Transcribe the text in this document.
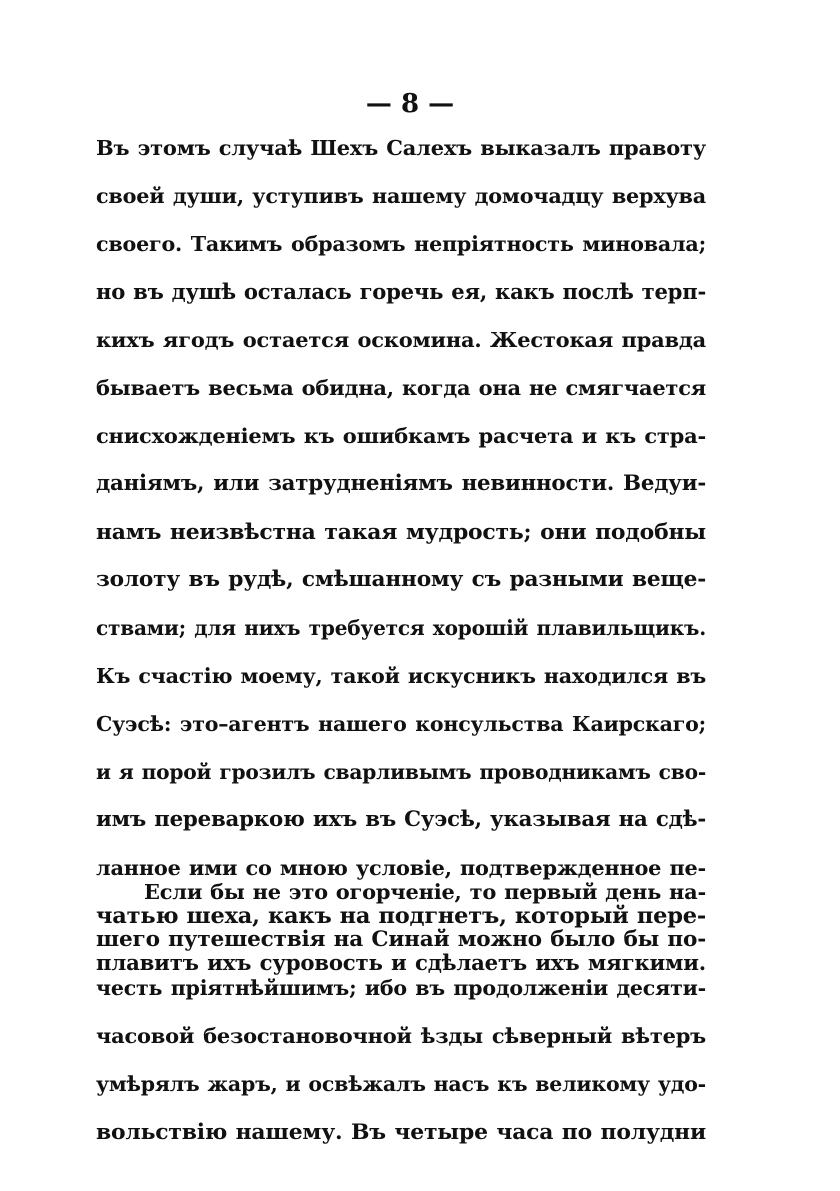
— 8 —
Въ этомъ случаѣ Шехъ Салехъ выказалъ правоту
своей души, уступивъ нашему домочадцу верхува
своего. Такимъ образомъ непріятность миновала;
но въ душѣ осталась горечь ея, какъ послѣ терп-
кихъ ягодъ остается оскомина. Жестокая правда
бываетъ весьма обидна, когда она не смягчается
снисхожденіемъ къ ошибкамъ расчета и къ стра-
даніямъ, или затрудненіямъ невинности. Ведуи-
намъ неизвѣстна такая мудрость; они подобны
золоту въ рудѣ, смѣшанному съ разными веще-
ствами; для нихъ требуется хорошій плавильщикъ.
Къ счастію моему, такой искусникъ находился въ
Суэсѣ: это–агентъ нашего консульства Каирскаго;
и я порой грозилъ сварливымъ проводникамъ сво-
имъ переваркою ихъ въ Суэсѣ, указывая на сдѣ-
ланное ими со мною условіе, подтвержденное пе-
чатью шеха, какъ на подгнетъ, который пере-
плавитъ ихъ суровость и сдѣлаетъ ихъ мягкими.
Если бы не это огорченіе, то первый день на-
шего путешествія на Синай можно было бы по-
честь пріятнѣйшимъ; ибо въ продолженіи десяти-
часовой безостановочной ѣзды сѣверный вѣтеръ
умѣрялъ жаръ, и освѣжалъ насъ къ великому удо-
вольствію нашему. Въ четыре часа по полудни
